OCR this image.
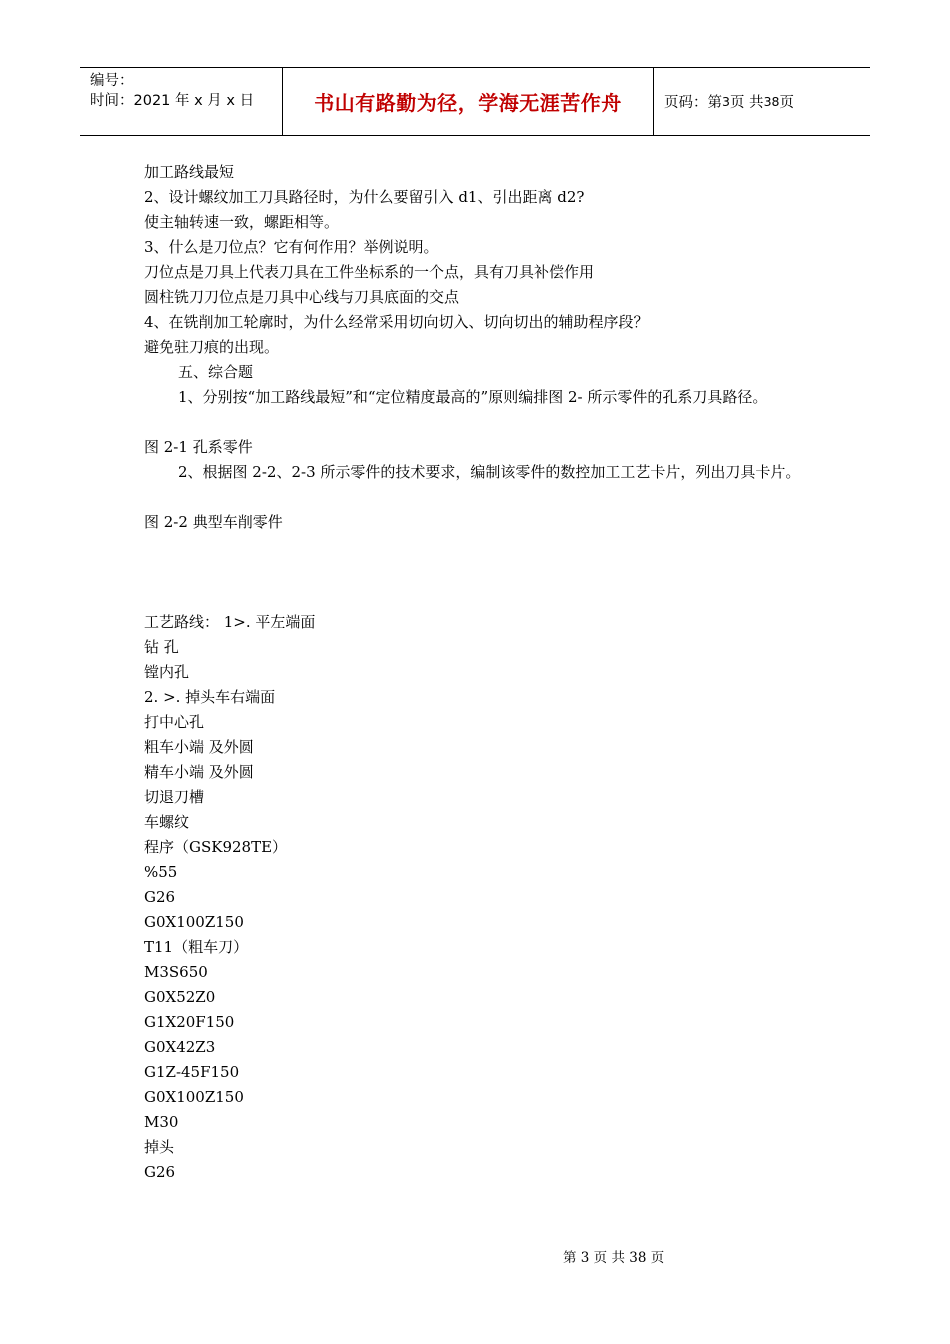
编号：
时间：2021 年 x 月 x 日	书山有路勤为径，学海无涯苦作舟	页码：第 3 页 共 38 页
加工路线最短
2、设计螺纹加工刀具路径时，为什么要留引入 d1、引出距离 d2?
使主轴转速一致，螺距相等。
3、什么是刀位点？它有何作用？举例说明。
刀位点是刀具上代表刀具在工件坐标系的一个点，具有刀具补偿作用
圆柱铣刀刀位点是刀具中心线与刀具底面的交点
4、在铣削加工轮廓时，为什么经常采用切向切入、切向切出的辅助程序段？
避免驻刀痕的出现。
五、综合题
1、分别按“加工路线最短”和“定位精度最高的”原则编排图 2- 所示零件的孔系刀具路径。
图 2-1 孔系零件
2、根据图 2-2、2-3 所示零件的技术要求，编制该零件的数控加工工艺卡片，列出刀具卡片。
图 2-2 典型车削零件
工艺路线： 1>. 平左端面
钻 孔
镗内孔
2. >. 掉头车右端面
打中心孔
粗车小端 及外圆
精车小端 及外圆
切退刀槽
车螺纹
程序（GSK928TE）
%55
G26
G0X100Z150
T11（粗车刀）
M3S650
G0X52Z0
G1X20F150
G0X42Z3
G1Z-45F150
G0X100Z150
M30
掉头
G26
第 3 页 共 38 页
